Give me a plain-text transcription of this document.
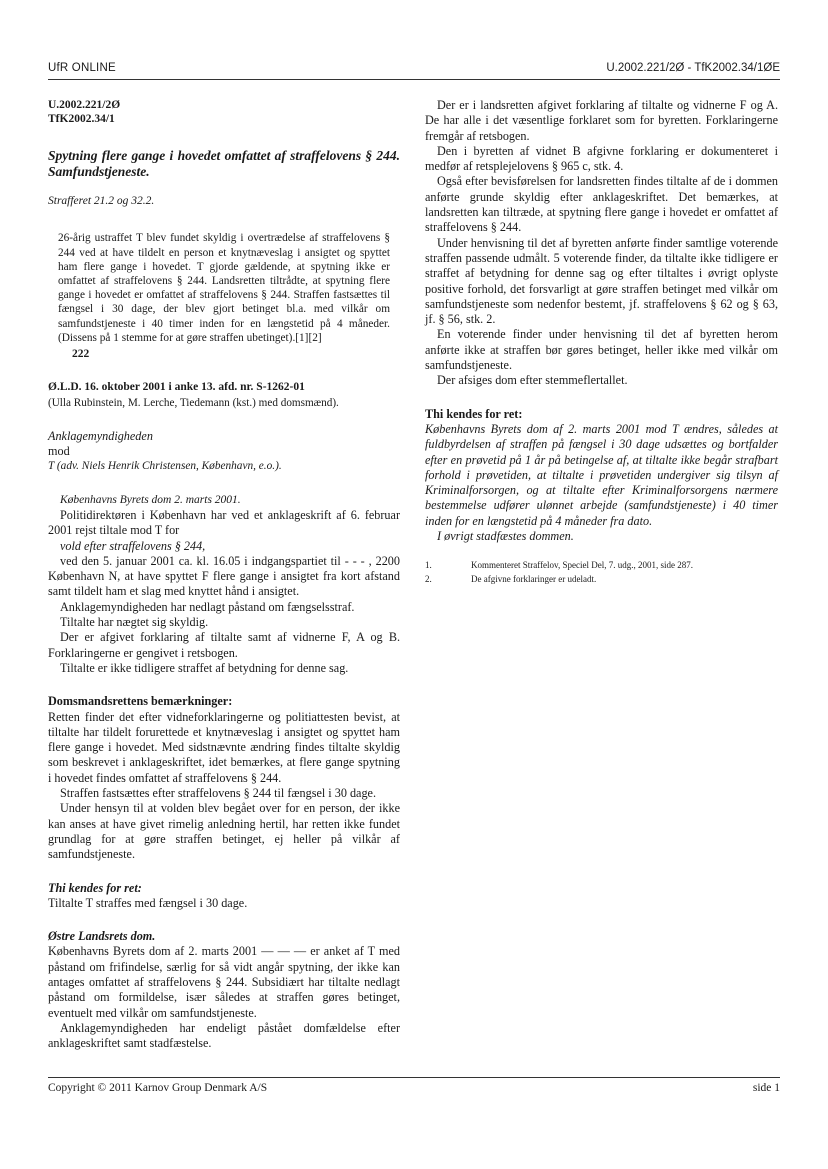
UfR ONLINE	U.2002.221/2Ø - TfK2002.34/1ØE

U.2002.221/2Ø

TfK2002.34/1

Spytning flere gange i hovedet omfattet af straffelovens § 244. Samfundstjeneste.

Strafferet 21.2 og 32.2.

26-årig ustraffet T blev fundet skyldig i overtrædelse af straffelovens § 244 ved at have tildelt en person et knytnæveslag i ansigtet og spyttet ham flere gange i hovedet. T gjorde gældende, at spytning ikke er omfattet af straffelovens § 244. Landsretten tiltrådte, at spytning flere gange i hovedet er omfattet af straffelovens § 244. Straffen fastsættes til fængsel i 30 dage, der blev gjort betinget bl.a. med vilkår om samfundstjeneste i 40 timer inden for en længstetid på 4 måneder. (Dissens på 1 stemme for at gøre straffen ubetinget).[1][2]

222

Ø.L.D. 16. oktober 2001 i anke 13. afd. nr. S-1262-01

(Ulla Rubinstein, M. Lerche, Tiedemann (kst.) med domsmænd).

Anklagemyndigheden

mod

T (adv. Niels Henrik Christensen, København, e.o.).

Københavns Byrets dom 2. marts 2001.

Politidirektøren i København har ved et anklageskrift af 6. februar 2001 rejst tiltale mod T for

vold efter straffelovens § 244,

ved den 5. januar 2001 ca. kl. 16.05 i indgangspartiet til - - - , 2200 København N, at have spyttet F flere gange i ansigtet fra kort afstand samt tildelt ham et slag med knyttet hånd i ansigtet.

Anklagemyndigheden har nedlagt påstand om fængselsstraf.

Tiltalte har nægtet sig skyldig.

Der er afgivet forklaring af tiltalte samt af vidnerne F, A og B. Forklaringerne er gengivet i retsbogen.

Tiltalte er ikke tidligere straffet af betydning for denne sag.

Domsmandsrettens bemærkninger:

Retten finder det efter vidneforklaringerne og politiattesten bevist, at tiltalte har tildelt forurettede et knytnæveslag i ansigtet og spyttet ham flere gange i hovedet. Med sidstnævnte ændring findes tiltalte skyldig som beskrevet i anklageskriftet, idet bemærkes, at flere gange spytning i hovedet findes omfattet af straffelovens § 244.

Straffen fastsættes efter straffelovens § 244 til fængsel i 30 dage.

Under hensyn til at volden blev begået over for en person, der ikke kan anses at have givet rimelig anledning hertil, har retten ikke fundet grundlag for at gøre straffen betinget, ej heller på vilkår af samfundstjeneste.

Thi kendes for ret:

Tiltalte T straffes med fængsel i 30 dage.

Østre Landsrets dom.

Københavns Byrets dom af 2. marts 2001 — — — er anket af T med påstand om frifindelse, særlig for så vidt angår spytning, der ikke kan antages omfattet af straffelovens § 244. Subsidiært har tiltalte nedlagt påstand om formildelse, især således at straffen gøres betinget, eventuelt med vilkår om samfundstjeneste.

Anklagemyndigheden har endeligt påstået domfældelse efter anklageskriftet samt stadfæstelse.

Der er i landsretten afgivet forklaring af tiltalte og vidnerne F og A. De har alle i det væsentlige forklaret som for byretten. Forklaringerne fremgår af retsbogen.

Den i byretten af vidnet B afgivne forklaring er dokumenteret i medfør af retsplejelovens § 965 c, stk. 4.

Også efter bevisførelsen for landsretten findes tiltalte af de i dommen anførte grunde skyldig efter anklageskriftet. Det bemærkes, at landsretten kan tiltræde, at spytning flere gange i hovedet er omfattet af straffelovens § 244.

Under henvisning til det af byretten anførte finder samtlige voterende straffen passende udmålt. 5 voterende finder, da tiltalte ikke tidligere er straffet af betydning for denne sag og efter tiltaltes i øvrigt oplyste positive forhold, det forsvarligt at gøre straffen betinget med vilkår om samfundstjeneste som nedenfor bestemt, jf. straffelovens § 62 og § 63, jf. § 56, stk. 2.

En voterende finder under henvisning til det af byretten herom anførte ikke at straffen bør gøres betinget, heller ikke med vilkår om samfundstjeneste.

Der afsiges dom efter stemmeflertallet.

Thi kendes for ret:

Københavns Byrets dom af 2. marts 2001 mod T ændres, således at fuldbyrdelsen af straffen på fængsel i 30 dage udsættes og bortfalder efter en prøvetid på 1 år på betingelse af, at tiltalte ikke begår strafbart forhold i prøvetiden, at tiltalte i prøvetiden undergiver sig tilsyn af Kriminalforsorgen, og at tiltalte efter Kriminalforsorgens nærmere bestemmelse udfører ulønnet arbejde (samfundstjeneste) i 40 timer inden for en længstetid på 4 måneder fra dato.

I øvrigt stadfæstes dommen.

1.	Kommenteret Straffelov, Speciel Del, 7. udg., 2001, side 287.
2.	De afgivne forklaringer er udeladt.
Copyright © 2011 Karnov Group Denmark A/S	side 1
